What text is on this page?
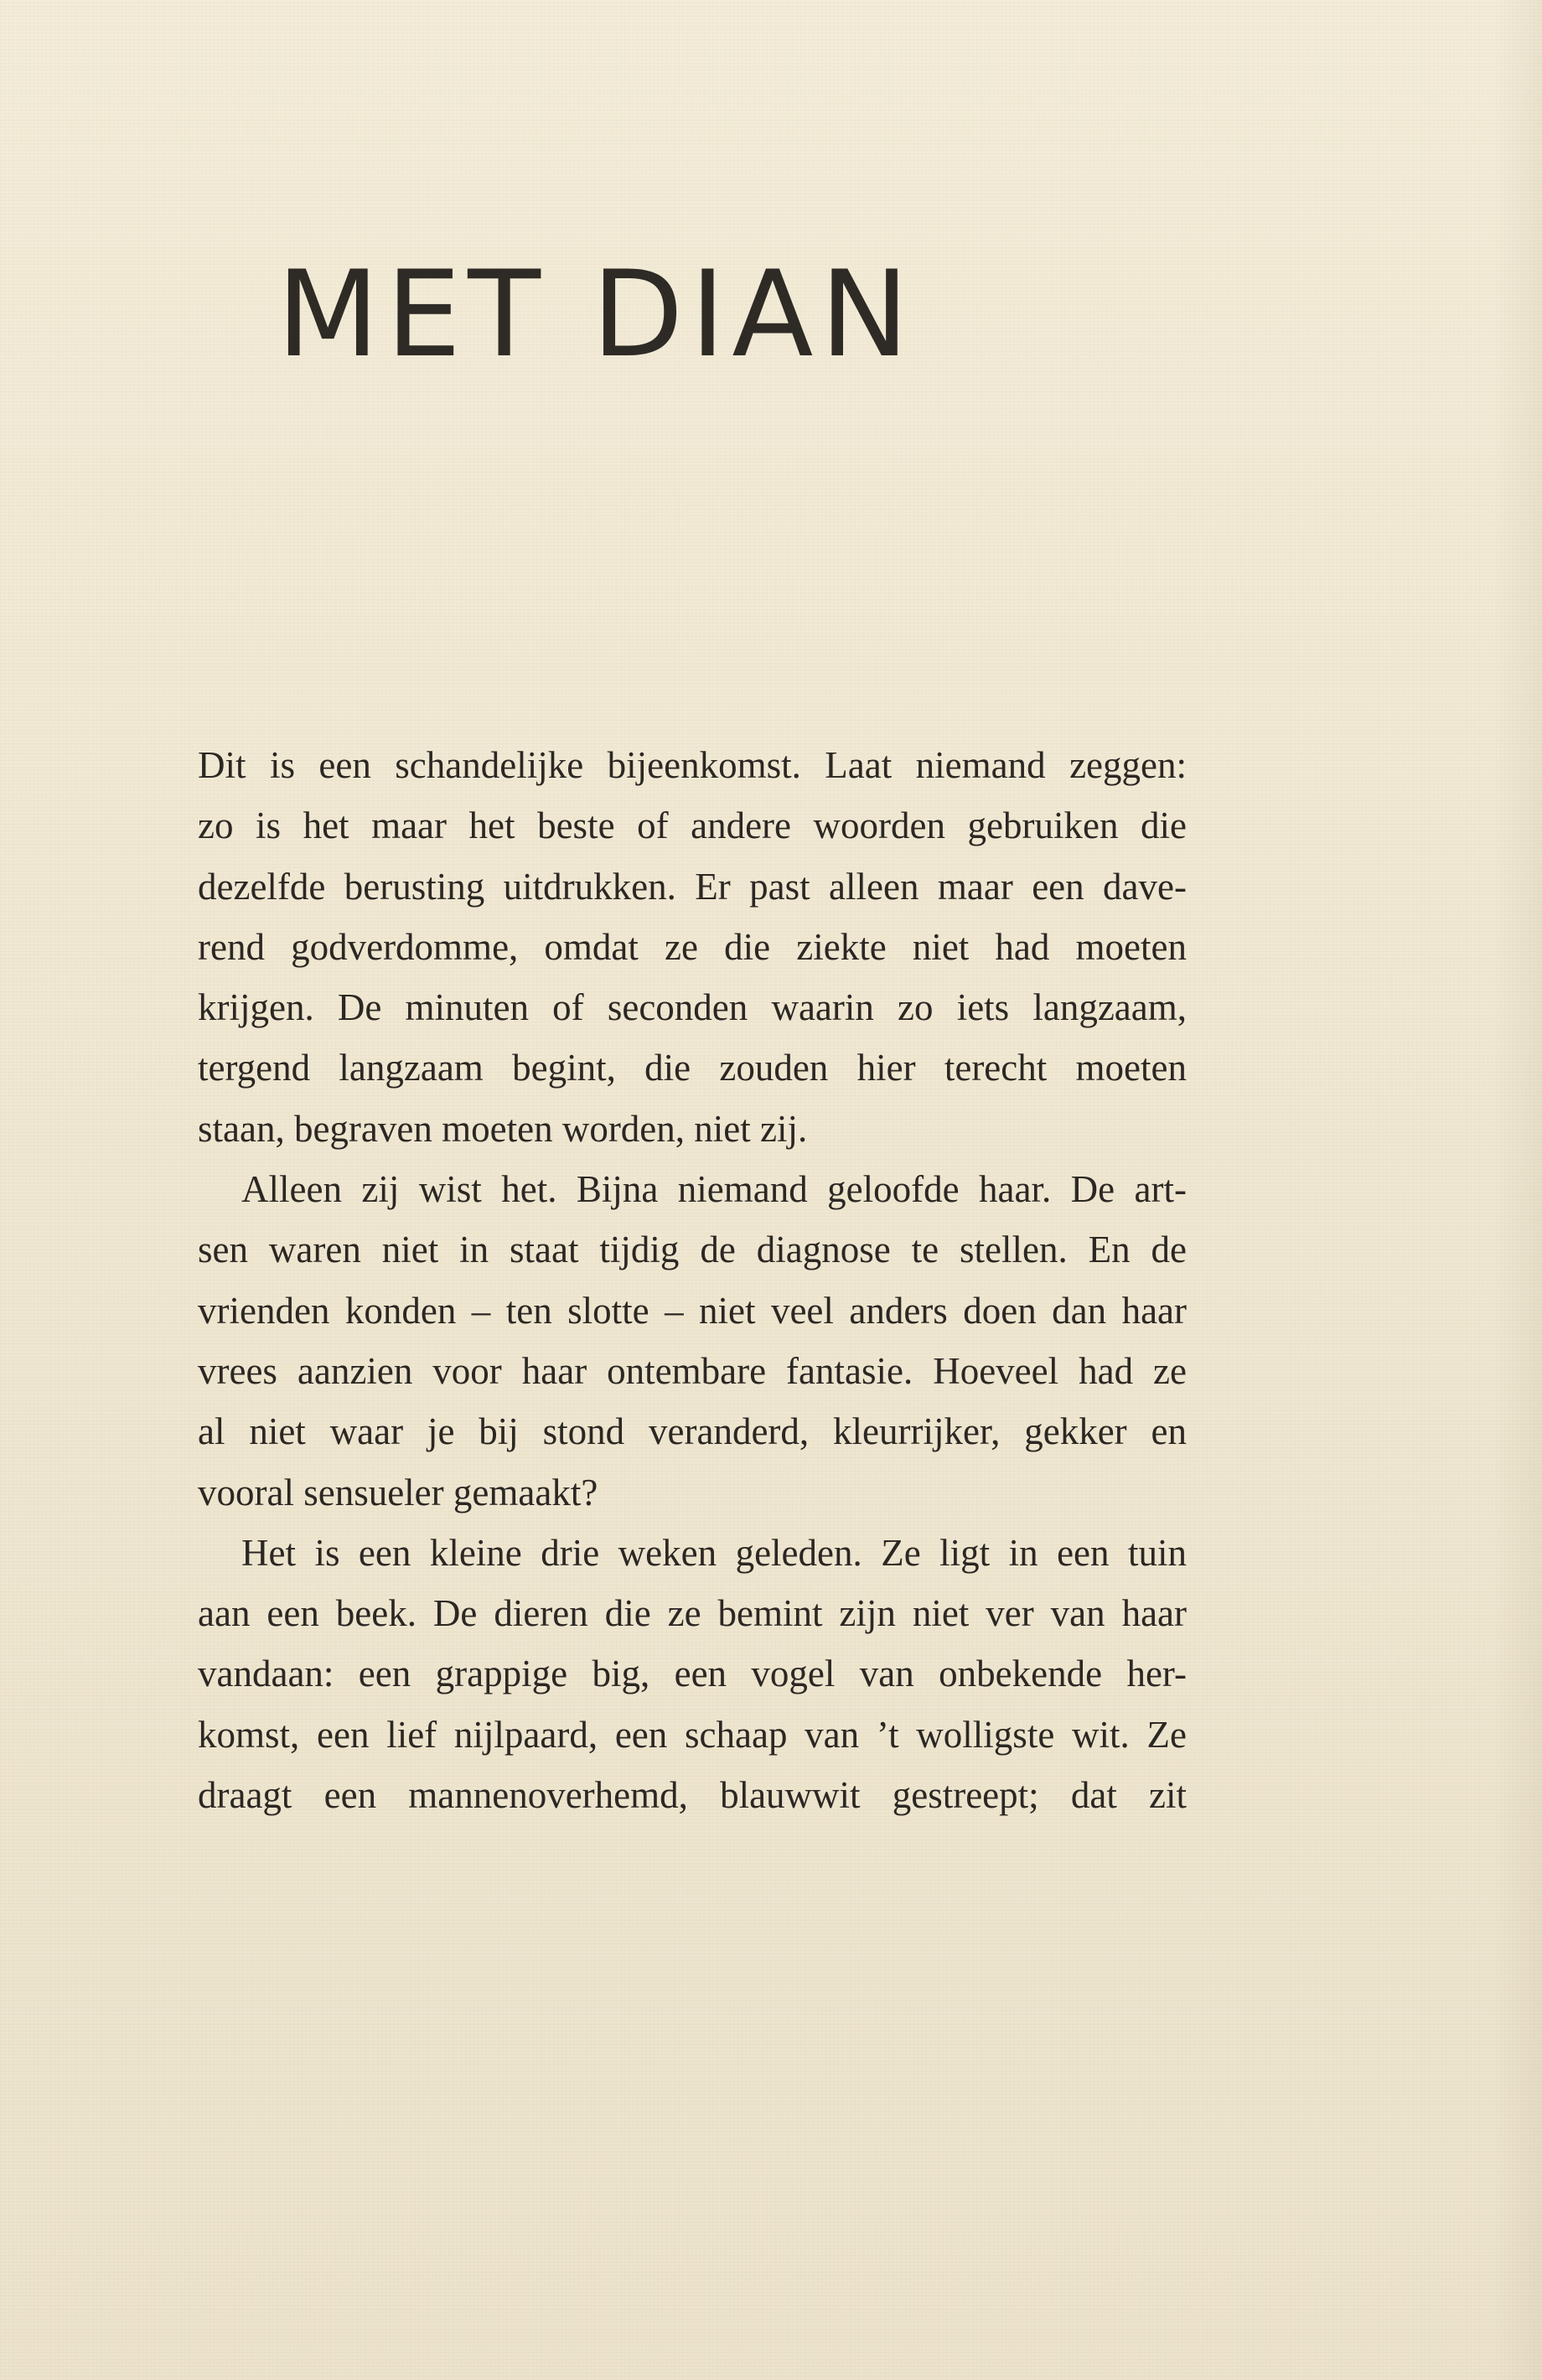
MET DIAN
Dit is een schandelijke bijeenkomst. Laat niemand zeggen:
zo is het maar het beste of andere woorden gebruiken die
dezelfde berusting uitdrukken. Er past alleen maar een dave-
rend godverdomme, omdat ze die ziekte niet had moeten
krijgen. De minuten of seconden waarin zo iets langzaam,
tergend langzaam begint, die zouden hier terecht moeten
staan, begraven moeten worden, niet zij.
Alleen zij wist het. Bijna niemand geloofde haar. De art-
sen waren niet in staat tijdig de diagnose te stellen. En de
vrienden konden – ten slotte – niet veel anders doen dan haar
vrees aanzien voor haar ontembare fantasie. Hoeveel had ze
al niet waar je bij stond veranderd, kleurrijker, gekker en
vooral sensueler gemaakt?
Het is een kleine drie weken geleden. Ze ligt in een tuin
aan een beek. De dieren die ze bemint zijn niet ver van haar
vandaan: een grappige big, een vogel van onbekende her-
komst, een lief nijlpaard, een schaap van ’t wolligste wit. Ze
draagt een mannenoverhemd, blauwwit gestreept; dat zit
